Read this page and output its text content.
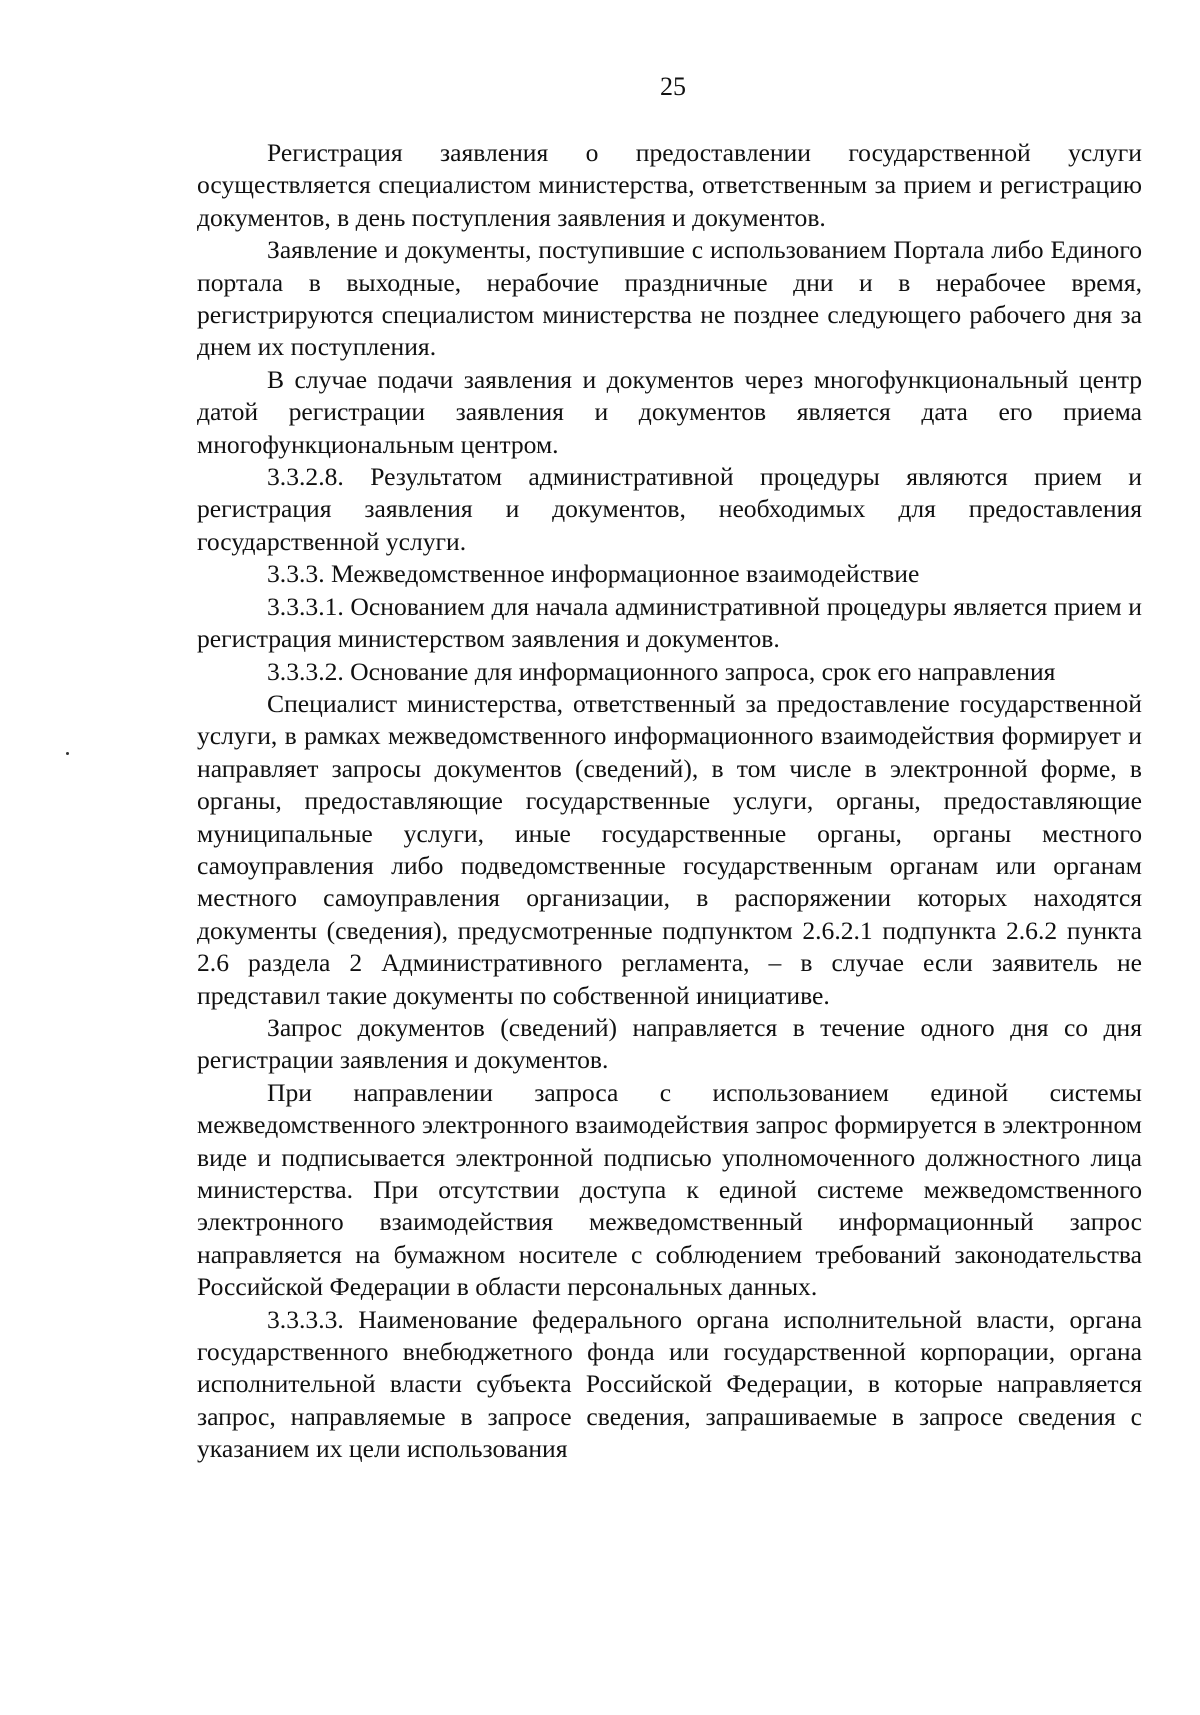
25

Регистрация заявления о предоставлении государственной услуги осуществляется специалистом министерства, ответственным за прием и регистрацию документов, в день поступления заявления и документов.

Заявление и документы, поступившие с использованием Портала либо Единого портала в выходные, нерабочие праздничные дни и в нерабочее время, регистрируются специалистом министерства не позднее следующего рабочего дня за днем их поступления.

В случае подачи заявления и документов через многофункциональный центр датой регистрации заявления и документов является дата его приема многофункциональным центром.

3.3.2.8. Результатом административной процедуры являются прием и регистрация заявления и документов, необходимых для предоставления государственной услуги.

3.3.3. Межведомственное информационное взаимодействие

3.3.3.1. Основанием для начала административной процедуры является прием и регистрация министерством заявления и документов.

3.3.3.2. Основание для информационного запроса, срок его направления

Специалист министерства, ответственный за предоставление государственной услуги, в рамках межведомственного информационного взаимодействия формирует и направляет запросы документов (сведений), в том числе в электронной форме, в органы, предоставляющие государственные услуги, органы, предоставляющие муниципальные услуги, иные государственные органы, органы местного самоуправления либо подведомственные государственным органам или органам местного самоуправления организации, в распоряжении которых находятся документы (сведения), предусмотренные подпунктом 2.6.2.1 подпункта 2.6.2 пункта 2.6 раздела 2 Административного регламента, – в случае если заявитель не представил такие документы по собственной инициативе.

Запрос документов (сведений) направляется в течение одного дня со дня регистрации заявления и документов.

При направлении запроса с использованием единой системы межведомственного электронного взаимодействия запрос формируется в электронном виде и подписывается электронной подписью уполномоченного должностного лица министерства. При отсутствии доступа к единой системе межведомственного электронного взаимодействия межведомственный информационный запрос направляется на бумажном носителе с соблюдением требований законодательства Российской Федерации в области персональных данных.

3.3.3.3. Наименование федерального органа исполнительной власти, органа государственного внебюджетного фонда или государственной корпорации, органа исполнительной власти субъекта Российской Федерации, в которые направляется запрос, направляемые в запросе сведения, запрашиваемые в запросе сведения с указанием их цели использования
